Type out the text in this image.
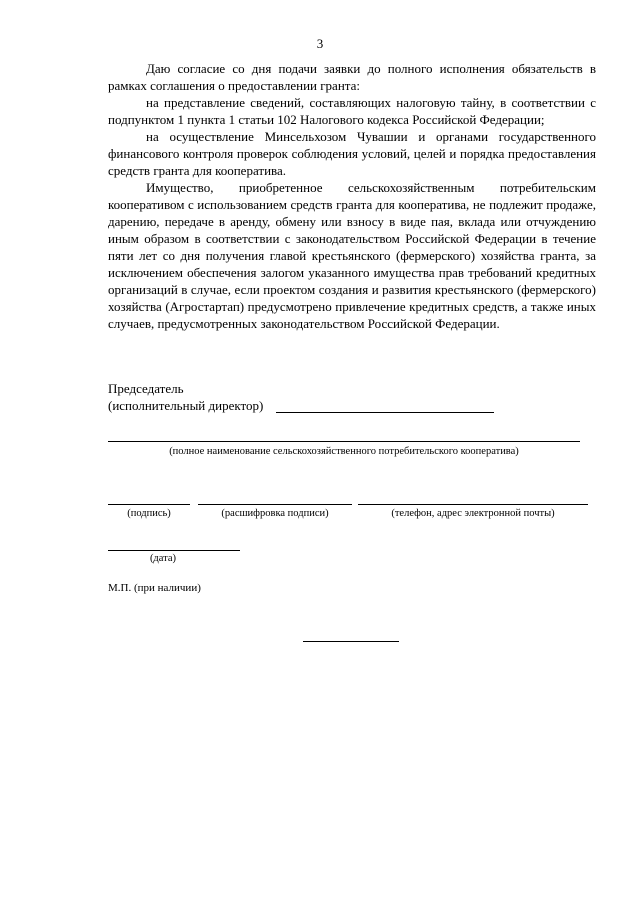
3

Даю согласие со дня подачи заявки до полного исполнения обязательств в рамках соглашения о предоставлении гранта:

на представление сведений, составляющих налоговую тайну, в соответствии с подпунктом 1 пункта 1 статьи 102 Налогового кодекса Российской Федерации;

на осуществление Минсельхозом Чувашии и органами государственного финансового контроля проверок соблюдения условий, целей и порядка предоставления средств гранта для кооператива.

Имущество, приобретенное сельскохозяйственным потребительским кооперативом с использованием средств гранта для кооператива, не подлежит продаже, дарению, передаче в аренду, обмену или взносу в виде пая, вклада или отчуждению иным образом в соответствии с законодательством Российской Федерации в течение пяти лет со дня получения главой крестьянского (фермерского) хозяйства гранта, за исключением обеспечения залогом указанного имущества прав требований кредитных организаций в случае, если проектом создания и развития крестьянского (фермерского) хозяйства (Агростартап) предусмотрено привлечение кредитных средств, а также иных случаев, предусмотренных законодательством Российской Федерации.

Председатель
(исполнительный директор)
(полное наименование сельскохозяйственного потребительского кооператива)
(подпись)	(расшифровка подписи)	(телефон, адрес электронной почты)
(дата)
М.П. (при наличии)
